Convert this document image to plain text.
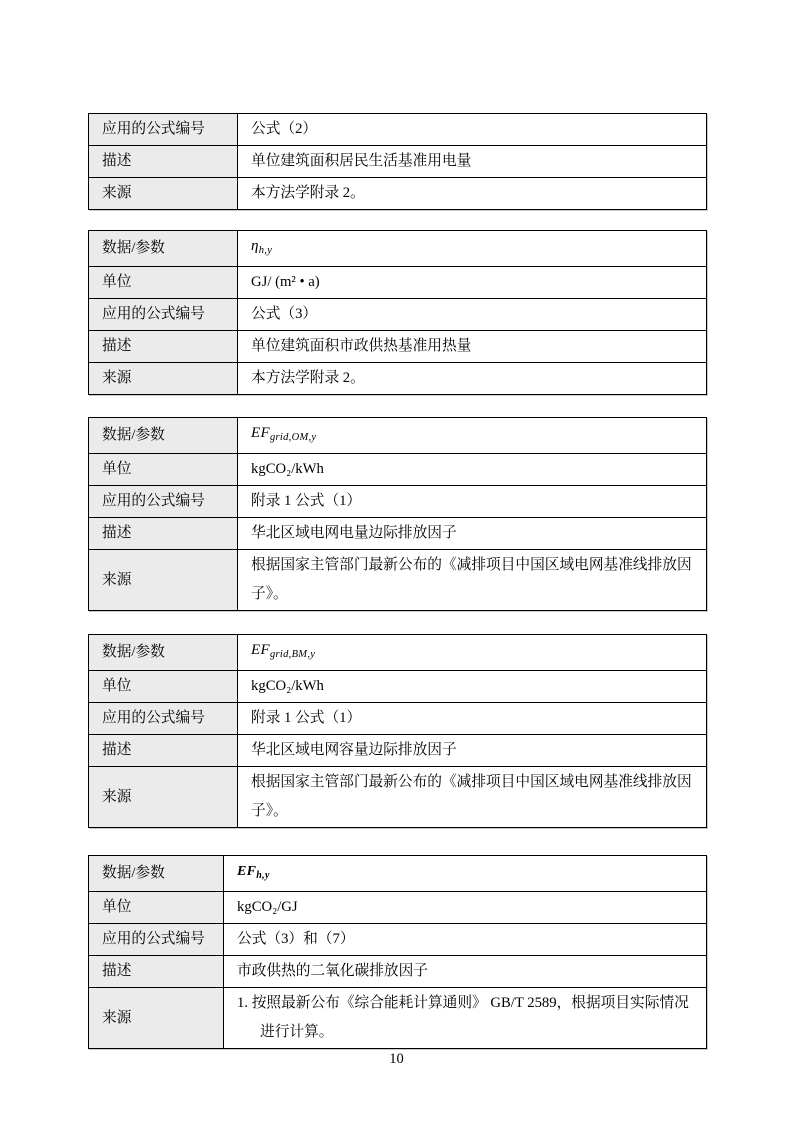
应用的公式编号	公式（2）
描述	单位建筑面积居民生活基准用电量
来源	本方法学附录 2。
数据/参数	$\eta_{h,y}$
单位	GJ/ (m² • a)
应用的公式编号	公式（3）
描述	单位建筑面积市政供热基准用热量
来源	本方法学附录 2。
数据/参数	$EF_{grid,OM,y}$
单位	kgCO₂/kWh
应用的公式编号	附录 1 公式（1）
描述	华北区域电网电量边际排放因子
来源	根据国家主管部门最新公布的《减排项目中国区域电网基准线排放因子》。
数据/参数	$EF_{grid,BM,y}$
单位	kgCO₂/kWh
应用的公式编号	附录 1 公式（1）
描述	华北区域电网容量边际排放因子
来源	根据国家主管部门最新公布的《减排项目中国区域电网基准线排放因子》。
数据/参数	$EF_{h,y}$
单位	kgCO₂/GJ
应用的公式编号	公式（3）和（7）
描述	市政供热的二氧化碳排放因子
来源	1. 按照最新公布《综合能耗计算通则》 GB/T 2589，根据项目实际情况进行计算。
10
